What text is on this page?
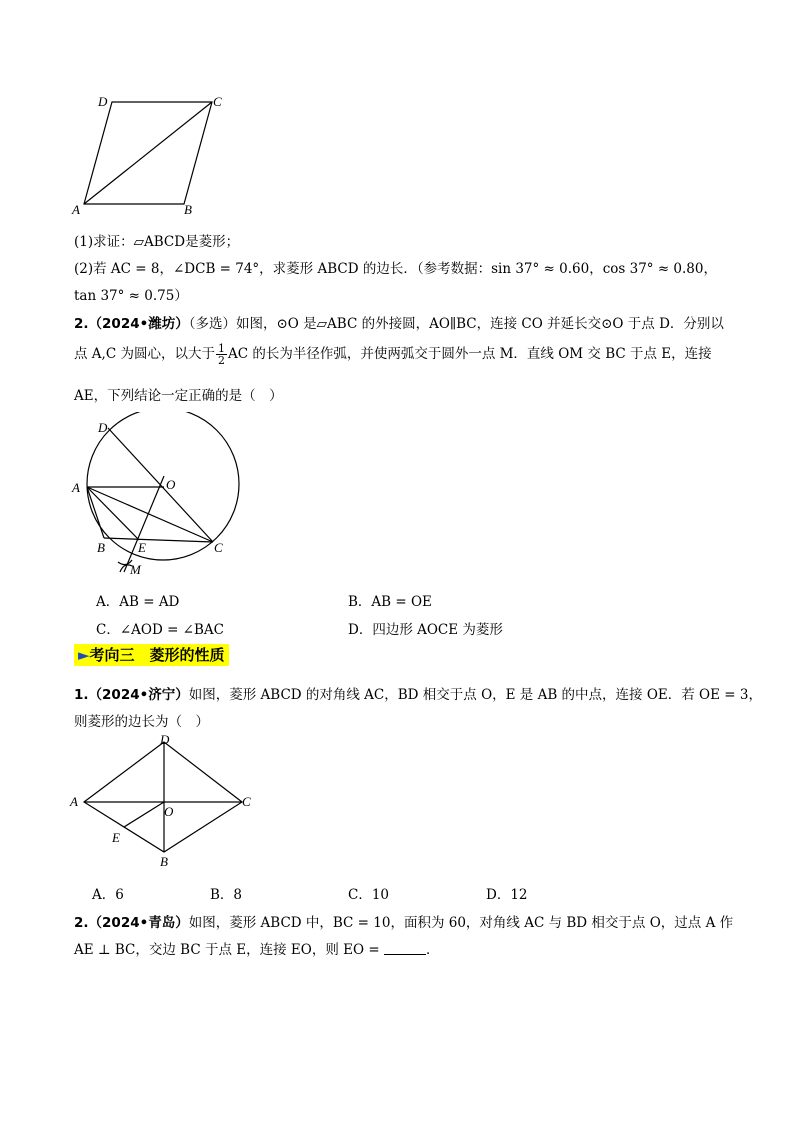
D	C
A	B
(1)求证：▱ABCD是菱形；
(2)若 AC = 8，∠DCB = 74°，求菱形 ABCD 的边长．（参考数据：sin 37° ≈ 0.60，cos 37° ≈ 0.80，
tan 37° ≈ 0.75）
2.（2024•潍坊）（多选）如图，⊙O 是▱ABC 的外接圆，AO∥BC，连接 CO 并延长交⊙O 于点 D．分别以
点 A,C 为圆心，以大于 $\frac{1}{2}$ AC 的长为半径作弧，并使两弧交于圆外一点 M．直线 OM 交 BC 于点 E，连接
AE，下列结论一定正确的是（　）
D
O
A
B	E	C
M
A．AB = AD	B．AB = OE
C．∠AOD = ∠BAC	D．四边形 AOCE 为菱形
►考向三　菱形的性质
1.（2024•济宁）如图，菱形 ABCD 的对角线 AC，BD 相交于点 O，E 是 AB 的中点，连接 OE．若 OE = 3，
则菱形的边长为（　）
D
A
O
C
E
B
A．6	B．8	C．10	D．12
2.（2024•青岛）如图，菱形 ABCD 中，BC = 10，面积为 60，对角线 AC 与 BD 相交于点 O，过点 A 作
AE ⊥ BC，交边 BC 于点 E，连接 EO，则 EO =	．
